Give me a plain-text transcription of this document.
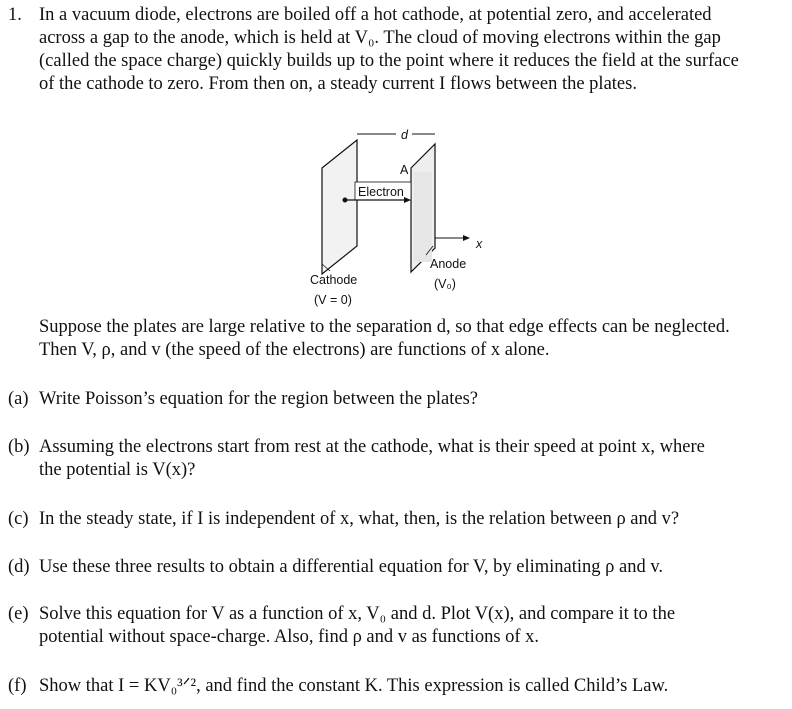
1. In a vacuum diode, electrons are boiled off a hot cathode, at potential zero, and accelerated
across a gap to the anode, which is held at V₀. The cloud of moving electrons within the gap
(called the space charge) quickly builds up to the point where it reduces the field at the surface
of the cathode to zero. From then on, a steady current I flows between the plates.
d
A
Electron
x
Cathode
(V = 0)
Anode
(V₀)
Suppose the plates are large relative to the separation d, so that edge effects can be neglected.
Then V, ρ, and v (the speed of the electrons) are functions of x alone.
(a) Write Poisson’s equation for the region between the plates?
(b) Assuming the electrons start from rest at the cathode, what is their speed at point x, where
the potential is V(x)?
(c) In the steady state, if I is independent of x, what, then, is the relation between ρ and v?
(d) Use these three results to obtain a differential equation for V, by eliminating ρ and v.
(e) Solve this equation for V as a function of x, V₀ and d. Plot V(x), and compare it to the
potential without space-charge. Also, find ρ and v as functions of x.
(f) Show that I = KV₀³ᐟ², and find the constant K. This expression is called Child’s Law.
